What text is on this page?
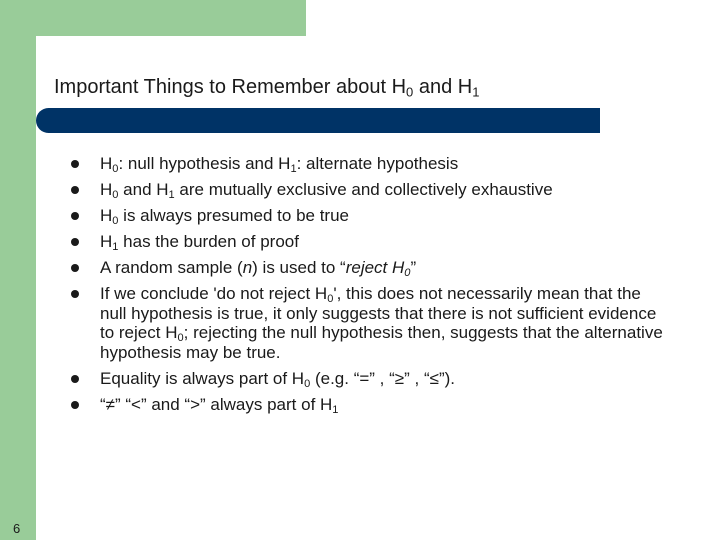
Important Things to Remember about $H_0$ and $H_1$
$H_0$: null hypothesis and $H_1$: alternate hypothesis
$H_0$ and $H_1$ are mutually exclusive and collectively exhaustive
$H_0$ is always presumed to be true
$H_1$ has the burden of proof
A random sample (n) is used to “reject $H_0$”
If we conclude 'do not reject $H_0'$, this does not necessarily mean that the null hypothesis is true, it only suggests that there is not sufficient evidence to reject $H_0$; rejecting the null hypothesis then, suggests that the alternative hypothesis may be true.
Equality is always part of $H_0$ (e.g. “=” , “≥” , “≤”).
“≠” “<” and “>” always part of $H_1$
6
